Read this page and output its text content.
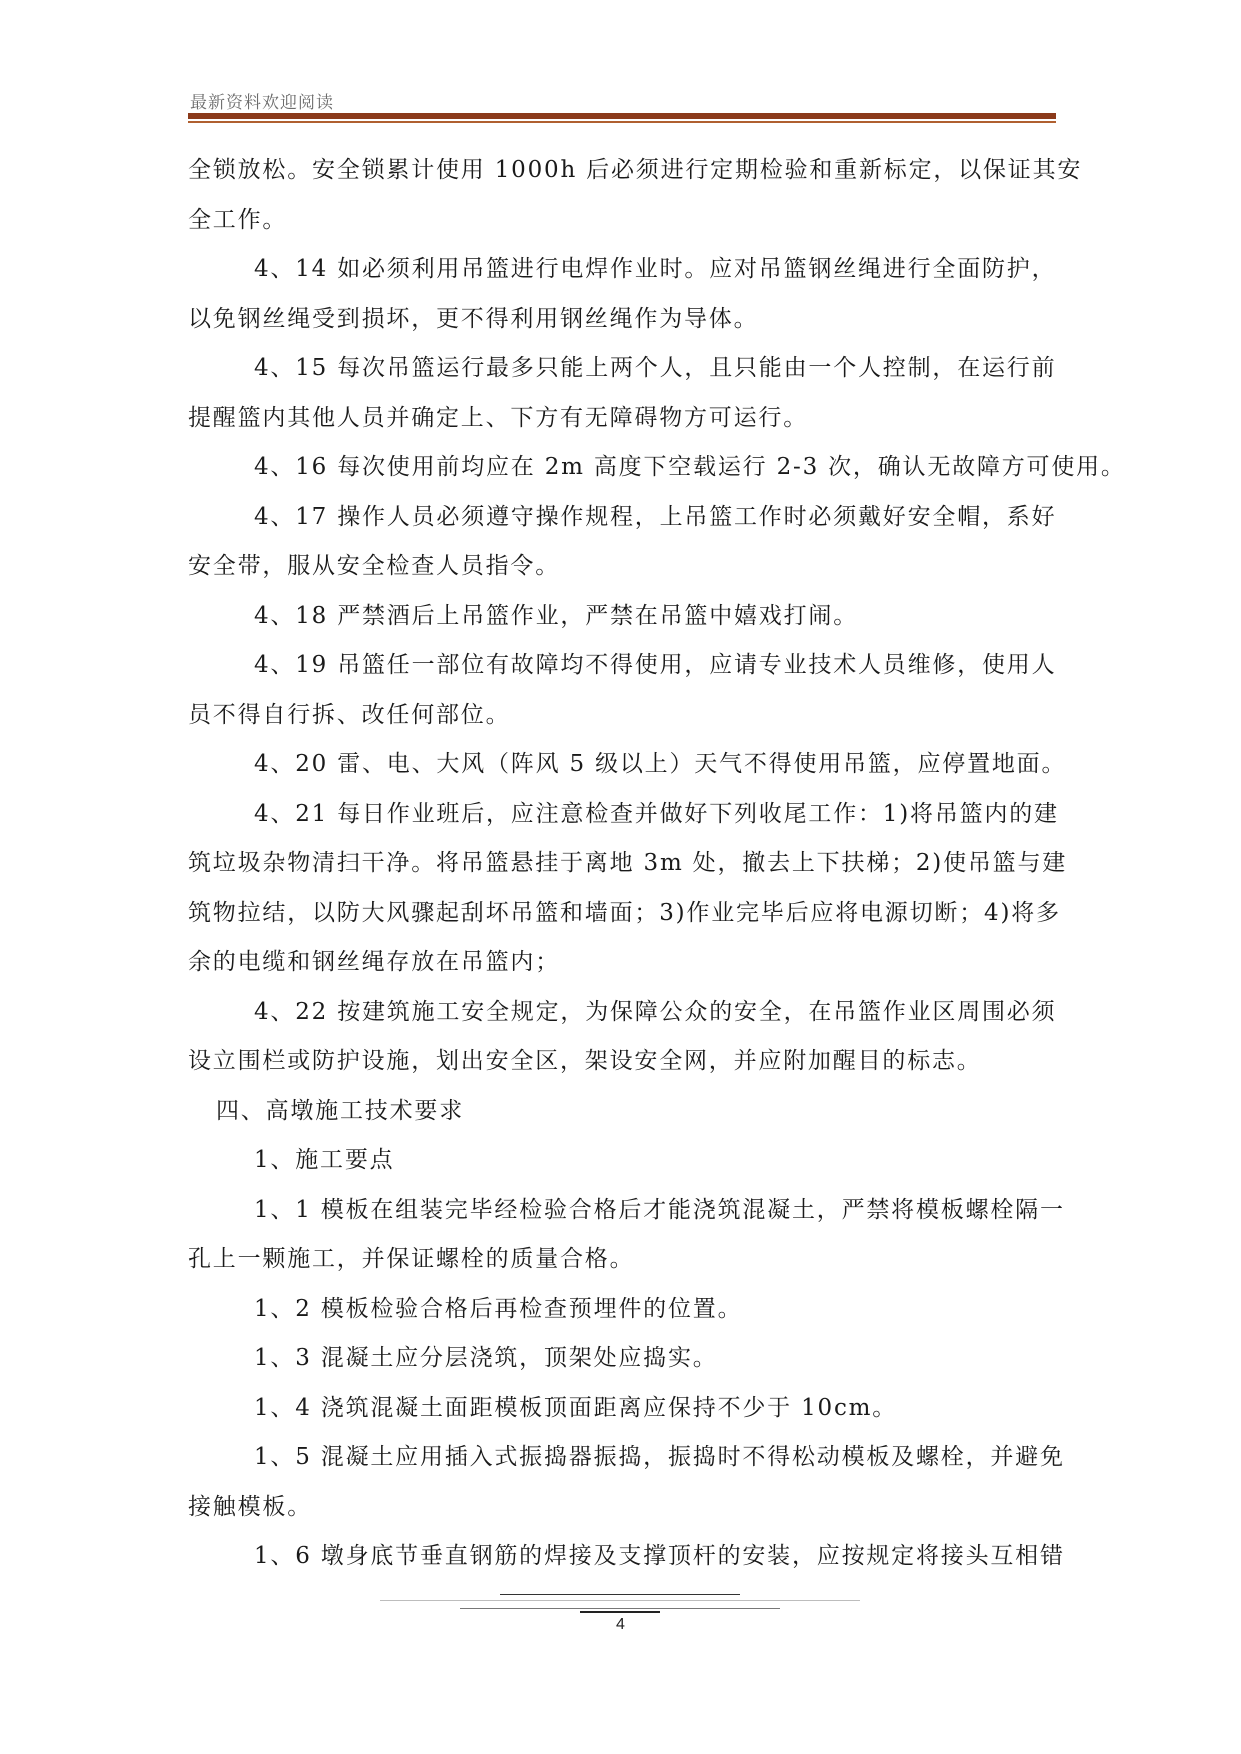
最新资料欢迎阅读
全锁放松。安全锁累计使用 1000h 后必须进行定期检验和重新标定，以保证其安
全工作。
4、14 如必须利用吊篮进行电焊作业时。应对吊篮钢丝绳进行全面防护，
以免钢丝绳受到损坏，更不得利用钢丝绳作为导体。
4、15 每次吊篮运行最多只能上两个人，且只能由一个人控制，在运行前
提醒篮内其他人员并确定上、下方有无障碍物方可运行。
4、16 每次使用前均应在 2m 高度下空载运行 2-3 次，确认无故障方可使用。
4、17 操作人员必须遵守操作规程，上吊篮工作时必须戴好安全帽，系好
安全带，服从安全检查人员指令。
4、18 严禁酒后上吊篮作业，严禁在吊篮中嬉戏打闹。
4、19 吊篮任一部位有故障均不得使用，应请专业技术人员维修，使用人
员不得自行拆、改任何部位。
4、20 雷、电、大风（阵风 5 级以上）天气不得使用吊篮，应停置地面。
4、21 每日作业班后，应注意检查并做好下列收尾工作：1)将吊篮内的建
筑垃圾杂物清扫干净。将吊篮悬挂于离地 3m 处，撤去上下扶梯；2)使吊篮与建
筑物拉结，以防大风骤起刮坏吊篮和墙面；3)作业完毕后应将电源切断；4)将多
余的电缆和钢丝绳存放在吊篮内；
4、22 按建筑施工安全规定，为保障公众的安全，在吊篮作业区周围必须
设立围栏或防护设施，划出安全区，架设安全网，并应附加醒目的标志。
四、高墩施工技术要求
1、施工要点
1、1 模板在组装完毕经检验合格后才能浇筑混凝土，严禁将模板螺栓隔一
孔上一颗施工，并保证螺栓的质量合格。
1、2 模板检验合格后再检查预埋件的位置。
1、3 混凝土应分层浇筑，顶架处应捣实。
1、4 浇筑混凝土面距模板顶面距离应保持不少于 10cm。
1、5 混凝土应用插入式振捣器振捣，振捣时不得松动模板及螺栓，并避免
接触模板。
1、6 墩身底节垂直钢筋的焊接及支撑顶杆的安装，应按规定将接头互相错
4
